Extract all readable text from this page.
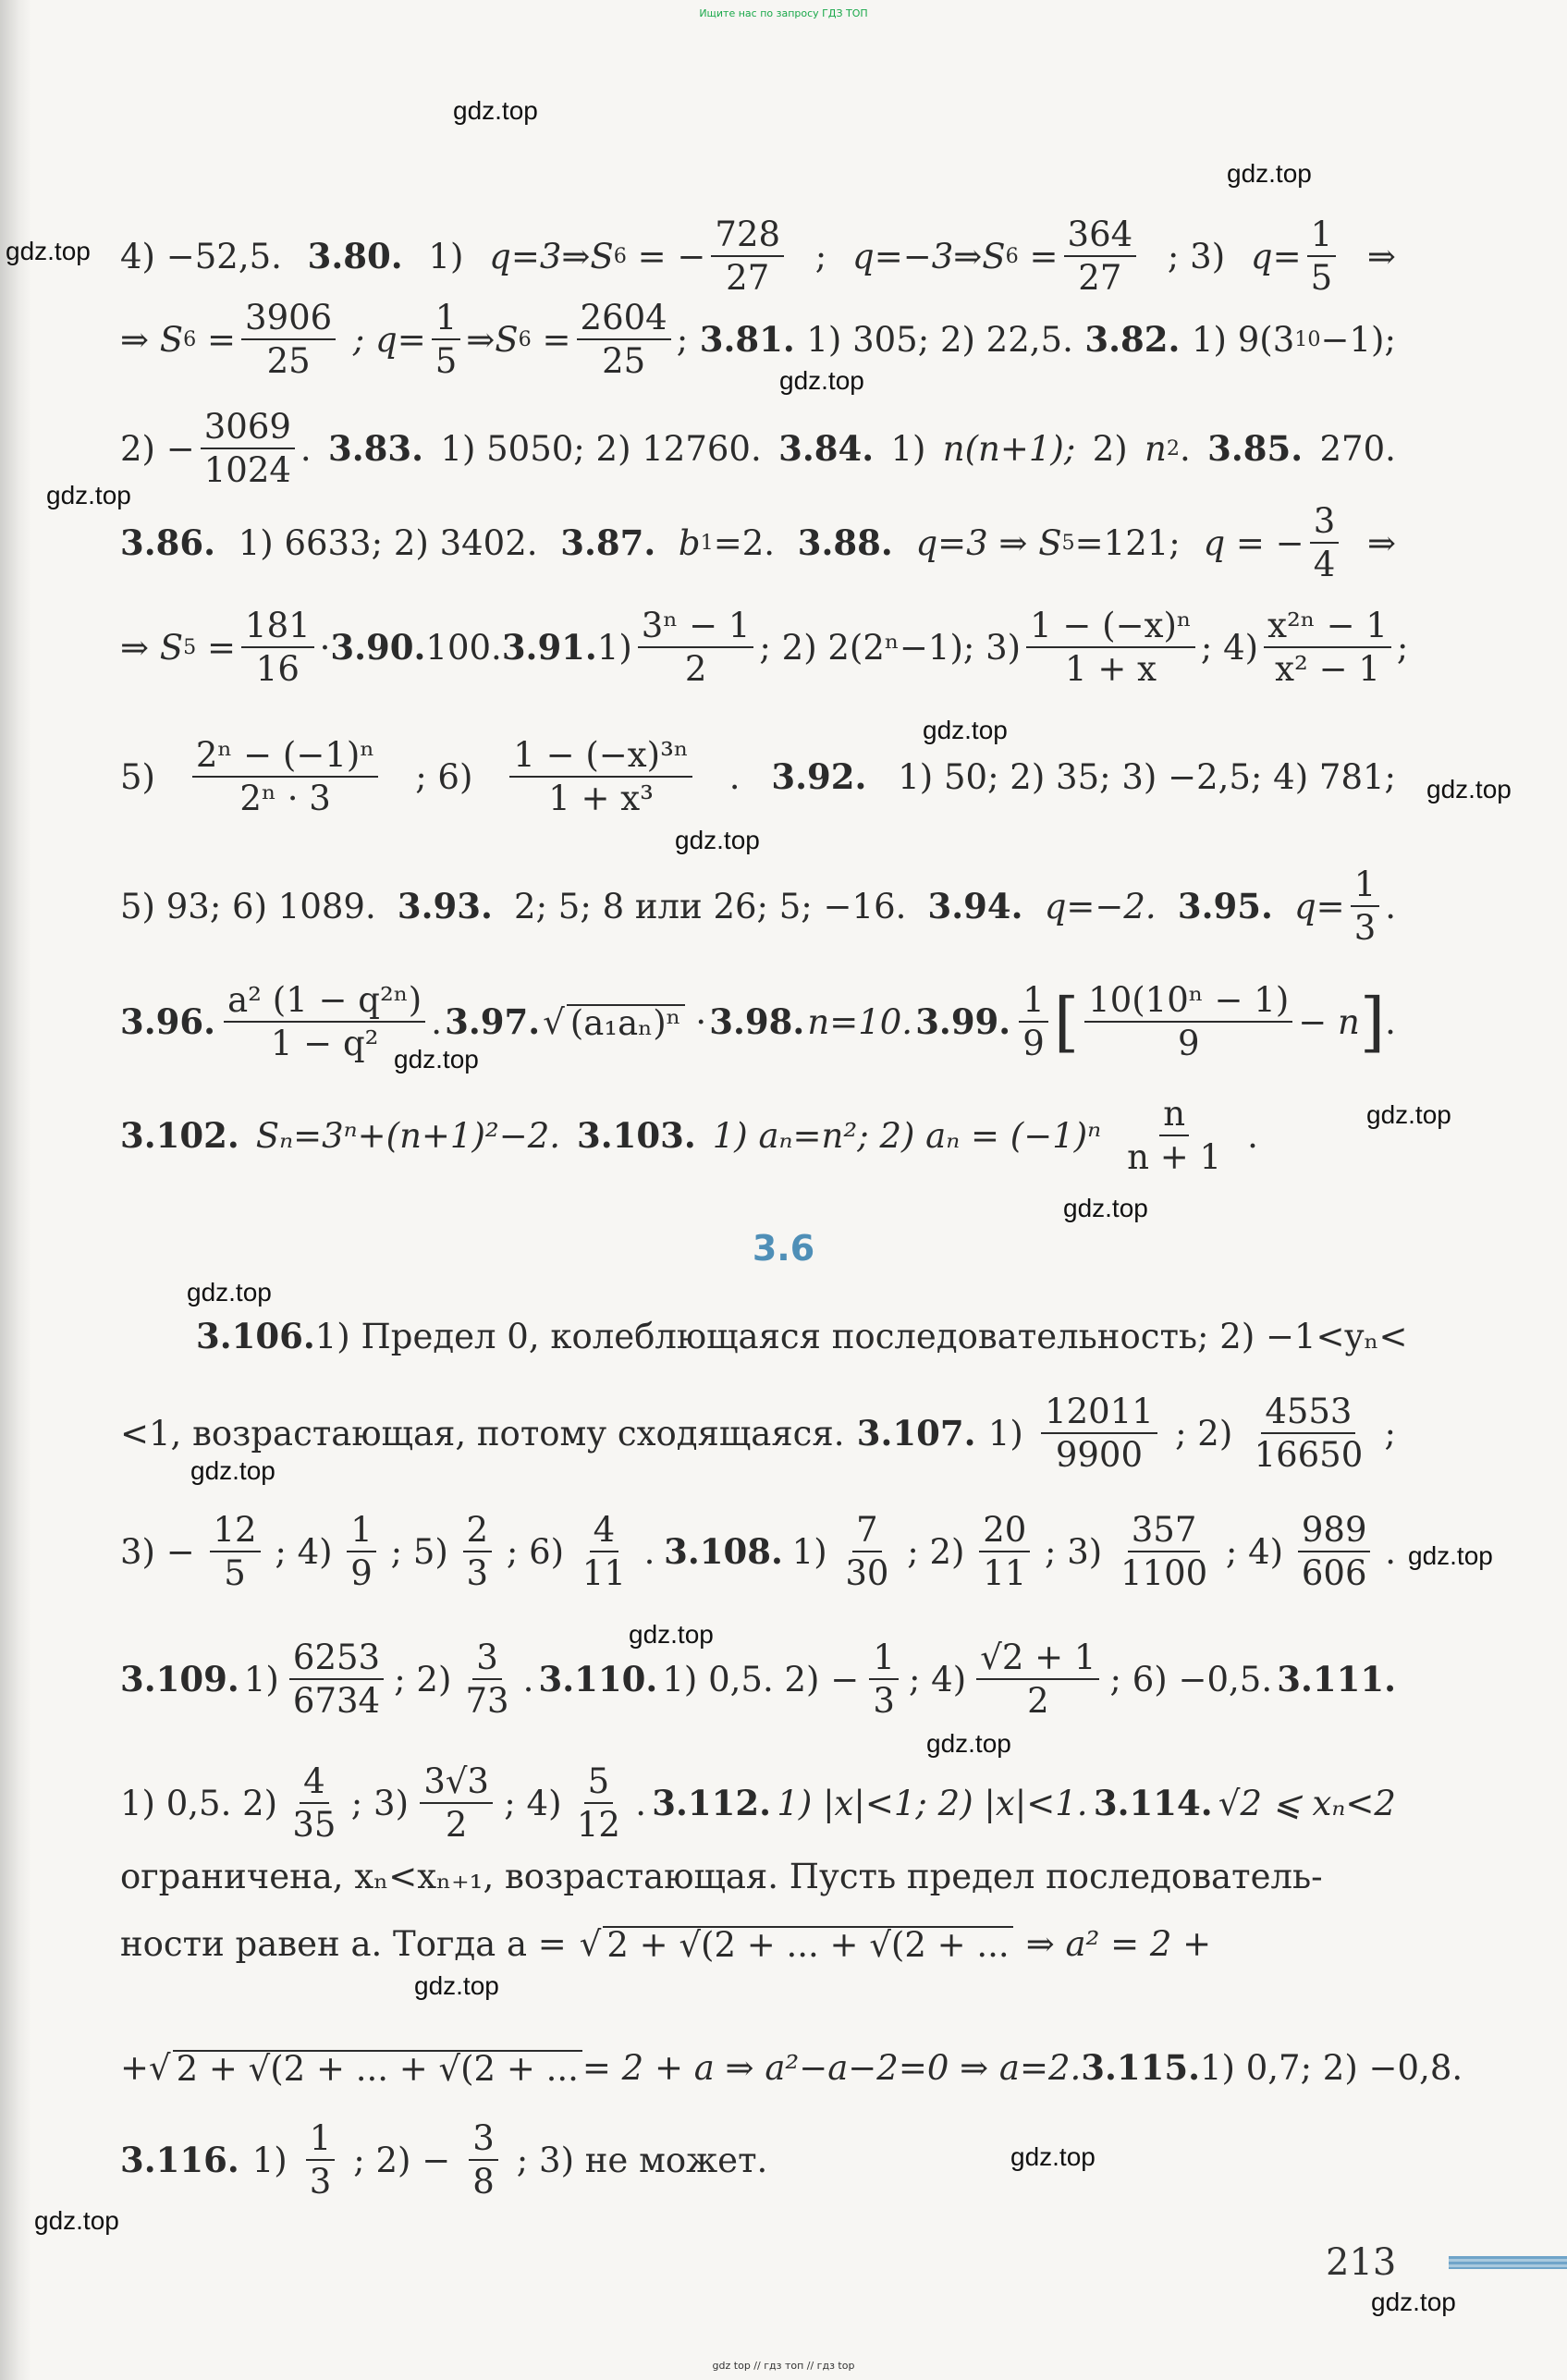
Ищите нас по запросу ГДЗ ТОП
gdz.top
gdz.top
gdz.top
gdz.top
gdz.top
gdz.top
gdz.top
gdz.top
gdz.top
gdz.top
gdz.top
gdz.top
gdz.top
gdz.top
gdz.top
gdz.top
gdz.top
gdz.top
gdz.top
gdz.top
4) −52,5. 3.80. 1) q=3⇒S 6
= − $\frac{728}{27}$ ; q=−3⇒S 6
= $\frac{364}{27}$ ; 3) $q= \frac{1}{5}$ ⇒
⇒ S 6
= $\frac{3906}{25}$ ; $q= \frac{1}{5}$ ⇒S 6
= $\frac{2604}{25}$ ; 3.81. 1) 305; 2) 22,5. 3.82. 1) 9(3 10 −1);
$2) - \frac{3069}{1024}$ . 3.83. 1) 5050; 2) 12760. 3.84. 1) n(n+1); 2) n 2 . 3.85. 270.
3.86. 1) 6633; 2) 3402. 3.87. b 1 =2. 3.88. q=3 ⇒ S 5 =121; q = − $\frac{3}{4}$ ⇒
⇒ S 5
= $\frac{181}{16} \cdot 3.90$. 100. 3.91. $1) \frac{\text{3ⁿ − 1}}{2}$ ; 2) 2(2ⁿ−1); $3) \frac{\text{1 − (−x)ⁿ}}{1 + x}$ ; $4) \frac{\text{x²ⁿ − 1}}{\text{x² − 1}}$ ;
$5) \frac{\text{2ⁿ − (−1)ⁿ}}{\text{2ⁿ · 3}}$ ; $6) \frac{\text{1 − (−x)³ⁿ}}{\text{1 + x³}}$ . 3.92. 1) 50; 2) 35; 3) −2,5; 4) 781;
5) 93; 6) 1089. 3.93. 2; 5; 8 или 26; 5; −16. 3.94. q=−2. 3.95. $q= \frac{1}{3}$ .
3.96. $\frac{\text{a² (1 − q²ⁿ)}}{\text{1 − q²}}$ . 3.97. √ (a₁aₙ)ⁿ
· 3.98. n=10. 3.99. $\frac{1}{9}$ [ $\frac{\text{10(10ⁿ − 1)}}{9} - n$ ] .
3.102. Sₙ=3ⁿ+(n+1)²−2. 3.103. 1) aₙ=n²; 2) $a_n = (-1)^n \frac{n}{n + 1}$ .
3.6
3.106. 1) Предел 0, колеблющаяся последовательность; 2) −1<yₙ<
<1, возрастающая, потому сходящаяся. 3.107. $1) \frac{12011}{9900}$ ; $2) \frac{4553}{16650}$ ;
$3) - \frac{12}{5}$ ; $4) \frac{1}{9}$ ; $5) \frac{2}{3}$ ; $6) \frac{4}{11}$ . 3.108. $1) \frac{7}{30}$ ; $2) \frac{20}{11}$ ; $3) \frac{357}{1100}$ ; $4) \frac{989}{606}$ .
3.109. $1) \frac{6253}{6734}$ ; $2) \frac{3}{73}$ . 3.110. 1) 0,5. $2) - \frac{1}{3}$ ; $4) \frac{√2 + 1}{2}$ ; 6) −0,5. 3.111.
1) 0,5. $2) \frac{4}{35}$ ; $3) \frac{3√3}{2}$ ; $4) \frac{5}{12}$ . 3.112. 1) |x|<1; 2) |x|<1. 3.114. √2 ⩽ xₙ<2
ограничена, xₙ<xₙ₊₁, возрастающая. Пусть предел последователь-
ности равен a. Тогда a = √ 2 + √(2 + ... + √(2 + ... ⇒ a² = 2 +
+ √ 2 + √(2 + ... + √(2 + ... = 2 + a ⇒ a²−a−2=0 ⇒ a=2. 3.115. 1) 0,7; 2) −0,8.
3.116. $1) \frac{1}{3}$ ; $2) - \frac{3}{8}$ ; 3) не может.
213
gdz top // гдз топ // гдз top
